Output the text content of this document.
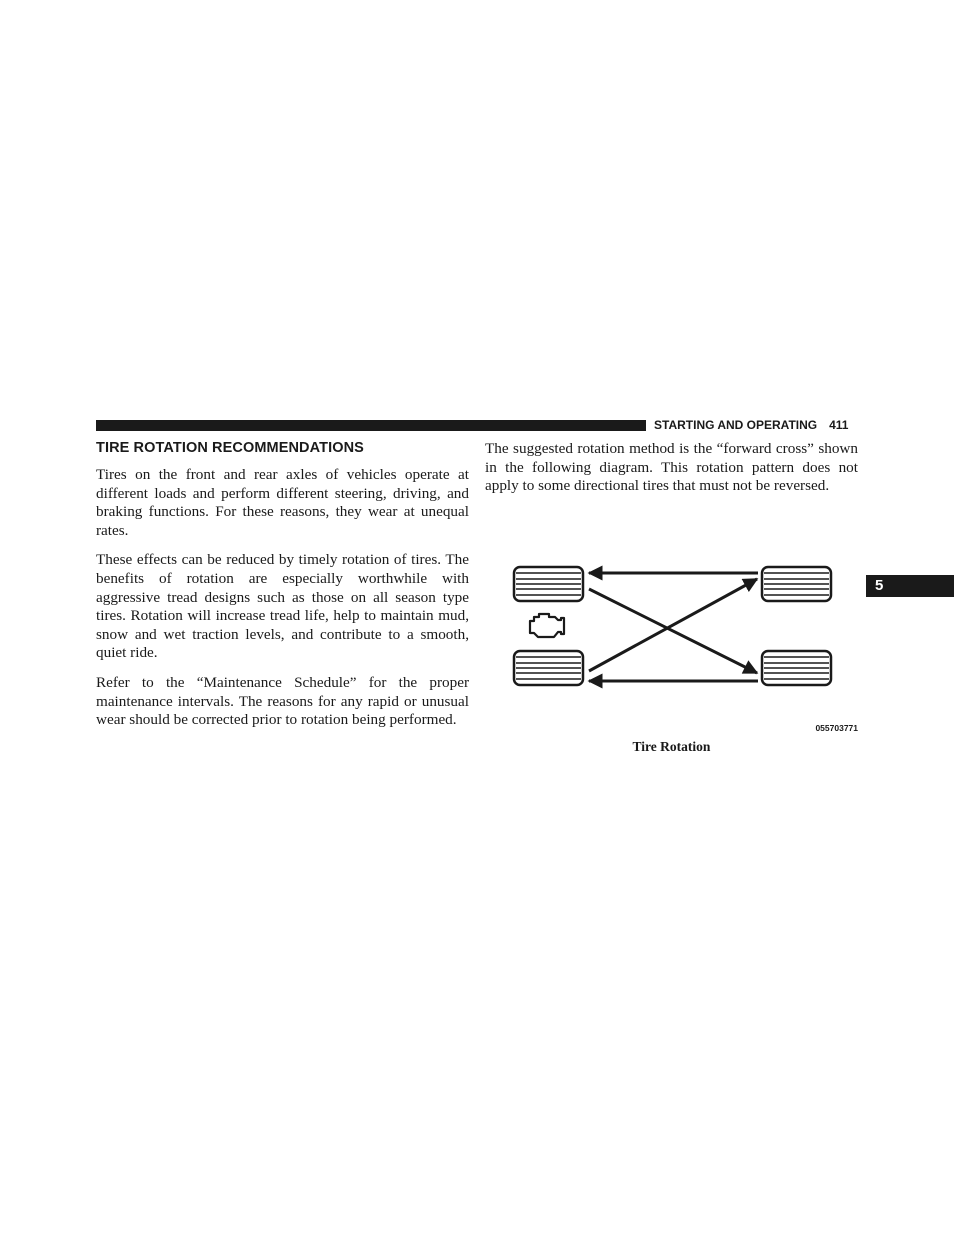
STARTING AND OPERATING 411
5
TIRE ROTATION RECOMMENDATIONS

Tires on the front and rear axles of vehicles operate at different loads and perform different steering, driving, and braking functions. For these reasons, they wear at unequal rates.

These effects can be reduced by timely rotation of tires. The benefits of rotation are especially worthwhile with aggressive tread designs such as those on all season type tires. Rotation will increase tread life, help to maintain mud, snow and wet traction levels, and contribute to a smooth, quiet ride.

Refer to the “Maintenance Schedule” for the proper maintenance intervals. The reasons for any rapid or unusual wear should be corrected prior to rotation being performed.

The suggested rotation method is the “forward cross” shown in the following diagram. This rotation pattern does not apply to some directional tires that must not be reversed.

055703771
Tire Rotation
